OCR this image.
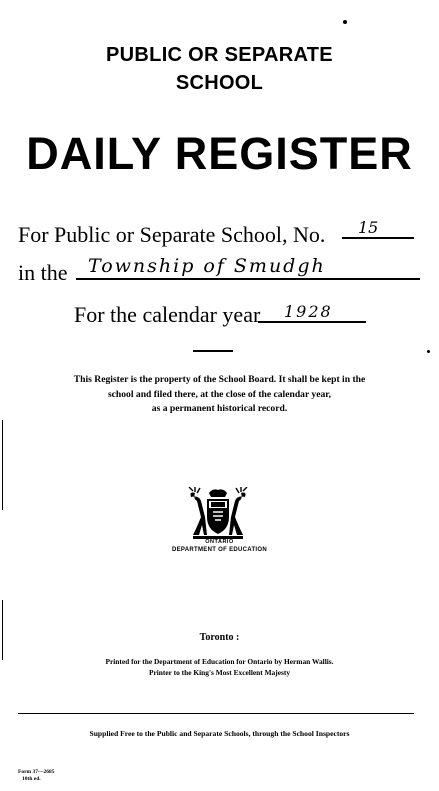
PUBLIC OR SEPARATE
SCHOOL
DAILY REGISTER
For Public or Separate School, No. 15
in the Township of Smudgh
For the calendar year 1928
This Register is the property of the School Board. It shall be kept in the
school and filed there, at the close of the calendar year,
as a permanent historical record.
ONTARIO
DEPARTMENT OF EDUCATION
Toronto :
Printed for the Department of Education for Ontario by Herman Wallis.
Printer to the King's Most Excellent Majesty
Supplied Free to the Public and Separate Schools, through the School Inspectors
Form 37—2685
10th ed.
